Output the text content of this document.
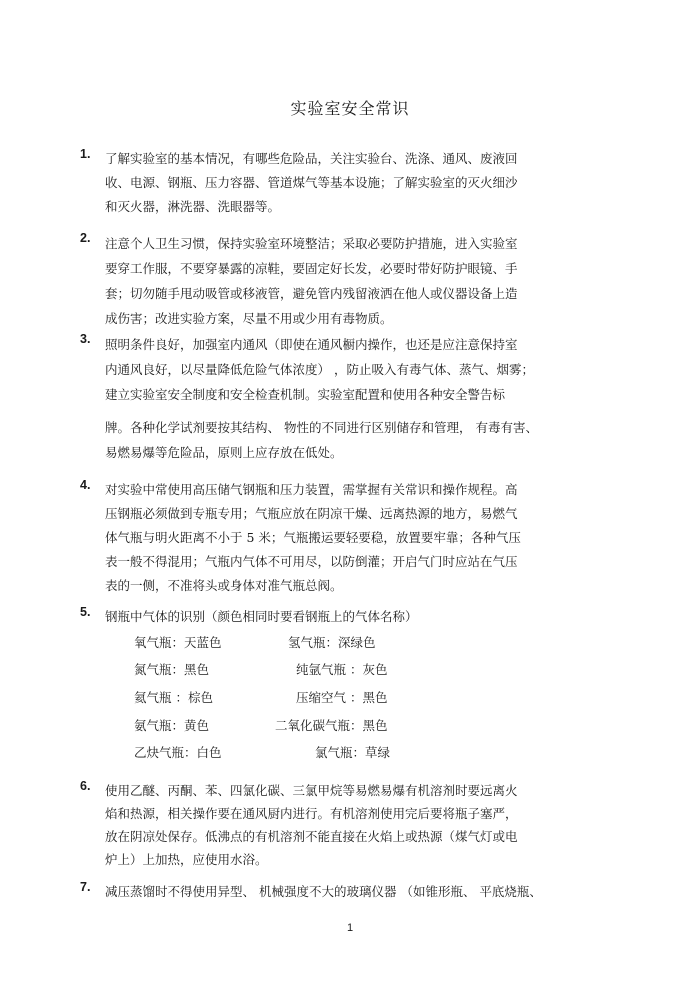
实验室安全常识
1. 了解实验室的基本情况，有哪些危险品，关注实验台、洗涤、通风、废液回
收、电源、钢瓶、压力容器、管道煤气等基本设施；了解实验室的灭火细沙
和灭火器，淋洗器、洗眼器等。
2. 注意个人卫生习惯，保持实验室环境整洁；采取必要防护措施，进入实验室
要穿工作服，不要穿暴露的凉鞋，要固定好长发，必要时带好防护眼镜、手
套；切勿随手甩动吸管或移液管，避免管内残留液洒在他人或仪器设备上造
成伤害；改进实验方案，尽量不用或少用有毒物质。
3. 照明条件良好，加强室内通风（即使在通风橱内操作，也还是应注意保持室
内通风良好，以尽量降低危险气体浓度） ，防止吸入有毒气体、蒸气、烟雾；
建立实验室安全制度和安全检查机制。实验室配置和使用各种安全警告标
牌。各种化学试剂要按其结构、 物性的不同进行区别储存和管理， 有毒有害、
易燃易爆等危险品，原则上应存放在低处。
4. 对实验中常使用高压储气钢瓶和压力装置，需掌握有关常识和操作规程。高
压钢瓶必须做到专瓶专用；气瓶应放在阴凉干燥、远离热源的地方，易燃气
体气瓶与明火距离不小于 5 米；气瓶搬运要轻要稳，放置要牢靠；各种气压
表一般不得混用；气瓶内气体不可用尽，以防倒灌；开启气门时应站在气压
表的一侧，不准将头或身体对准气瓶总阀。
5. 钢瓶中气体的识别（颜色相同时要看钢瓶上的气体名称）
氧气瓶：天蓝色	氢气瓶：深绿色
氮气瓶：黑色	纯氩气瓶 ：灰色
氦气瓶 ：棕色	压缩空气 ：黑色
氨气瓶：黄色	二氧化碳气瓶：黑色
乙炔气瓶：白色	氯气瓶：草绿
6. 使用乙醚、丙酮、苯、四氯化碳、三氯甲烷等易燃易爆有机溶剂时要远离火
焰和热源，相关操作要在通风厨内进行。有机溶剂使用完后要将瓶子塞严，
放在阴凉处保存。低沸点的有机溶剂不能直接在火焰上或热源（煤气灯或电
炉上）上加热，应使用水浴。
7. 减压蒸馏时不得使用异型、 机械强度不大的玻璃仪器 （如锥形瓶、 平底烧瓶、
1
